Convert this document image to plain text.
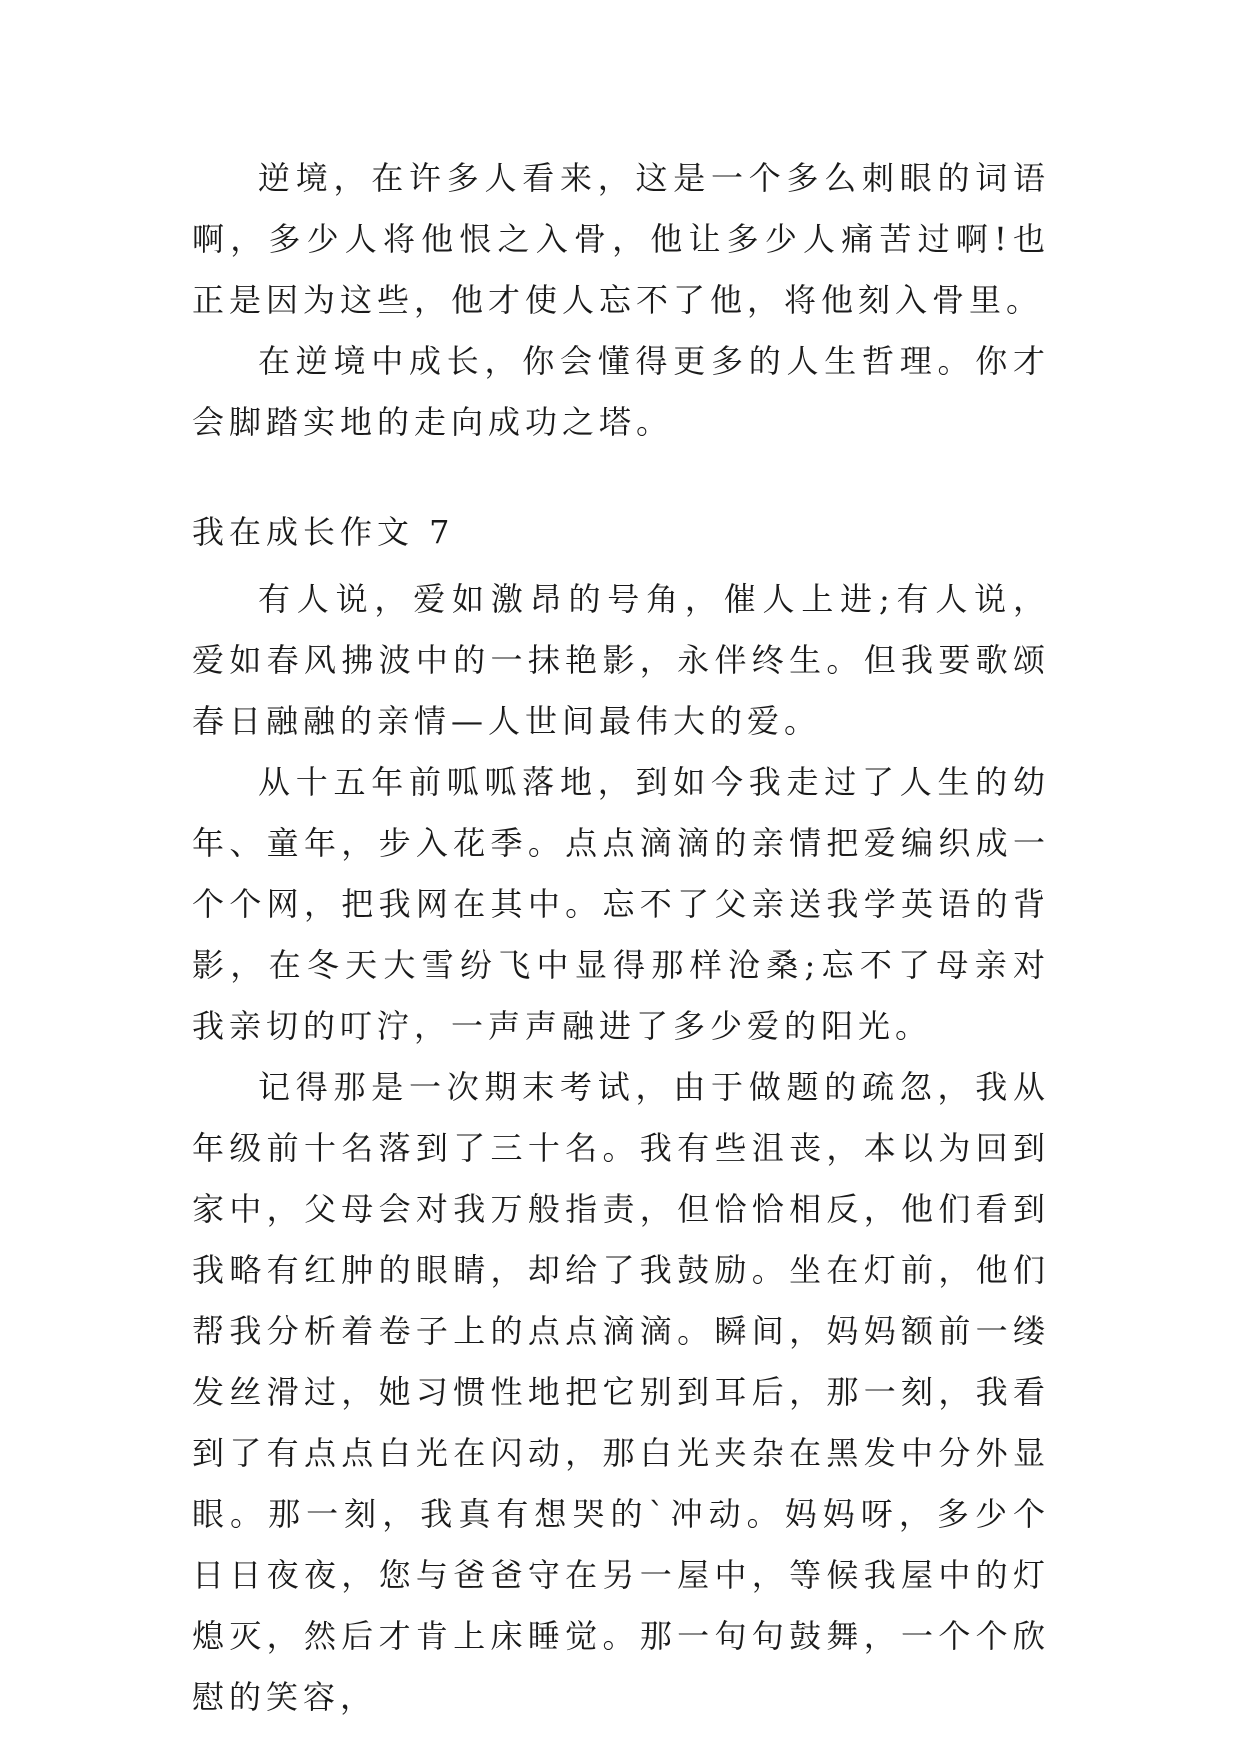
逆境，在许多人看来，这是一个多么刺眼的词语啊，多少人将他恨之入骨，他让多少人痛苦过啊!也正是因为这些，他才使人忘不了他，将他刻入骨里。

在逆境中成长，你会懂得更多的人生哲理。你才会脚踏实地的走向成功之塔。

我在成长作文 7

有人说，爱如激昂的号角，催人上进;有人说，爱如春风拂波中的一抹艳影，永伴终生。但我要歌颂春日融融的亲情—人世间最伟大的爱。

从十五年前呱呱落地，到如今我走过了人生的幼年、童年，步入花季。点点滴滴的亲情把爱编织成一个个网，把我网在其中。忘不了父亲送我学英语的背影，在冬天大雪纷飞中显得那样沧桑;忘不了母亲对我亲切的叮泞，一声声融进了多少爱的阳光。

记得那是一次期末考试，由于做题的疏忽，我从年级前十名落到了三十名。我有些沮丧，本以为回到家中，父母会对我万般指责，但恰恰相反，他们看到我略有红肿的眼睛，却给了我鼓励。坐在灯前，他们帮我分析着卷子上的点点滴滴。瞬间，妈妈额前一缕发丝滑过，她习惯性地把它别到耳后，那一刻，我看到了有点点白光在闪动，那白光夹杂在黑发中分外显眼。那一刻，我真有想哭的`冲动。妈妈呀，多少个日日夜夜，您与爸爸守在另一屋中，等候我屋中的灯熄灭，然后才肯上床睡觉。那一句句鼓舞，一个个欣慰的笑容，
